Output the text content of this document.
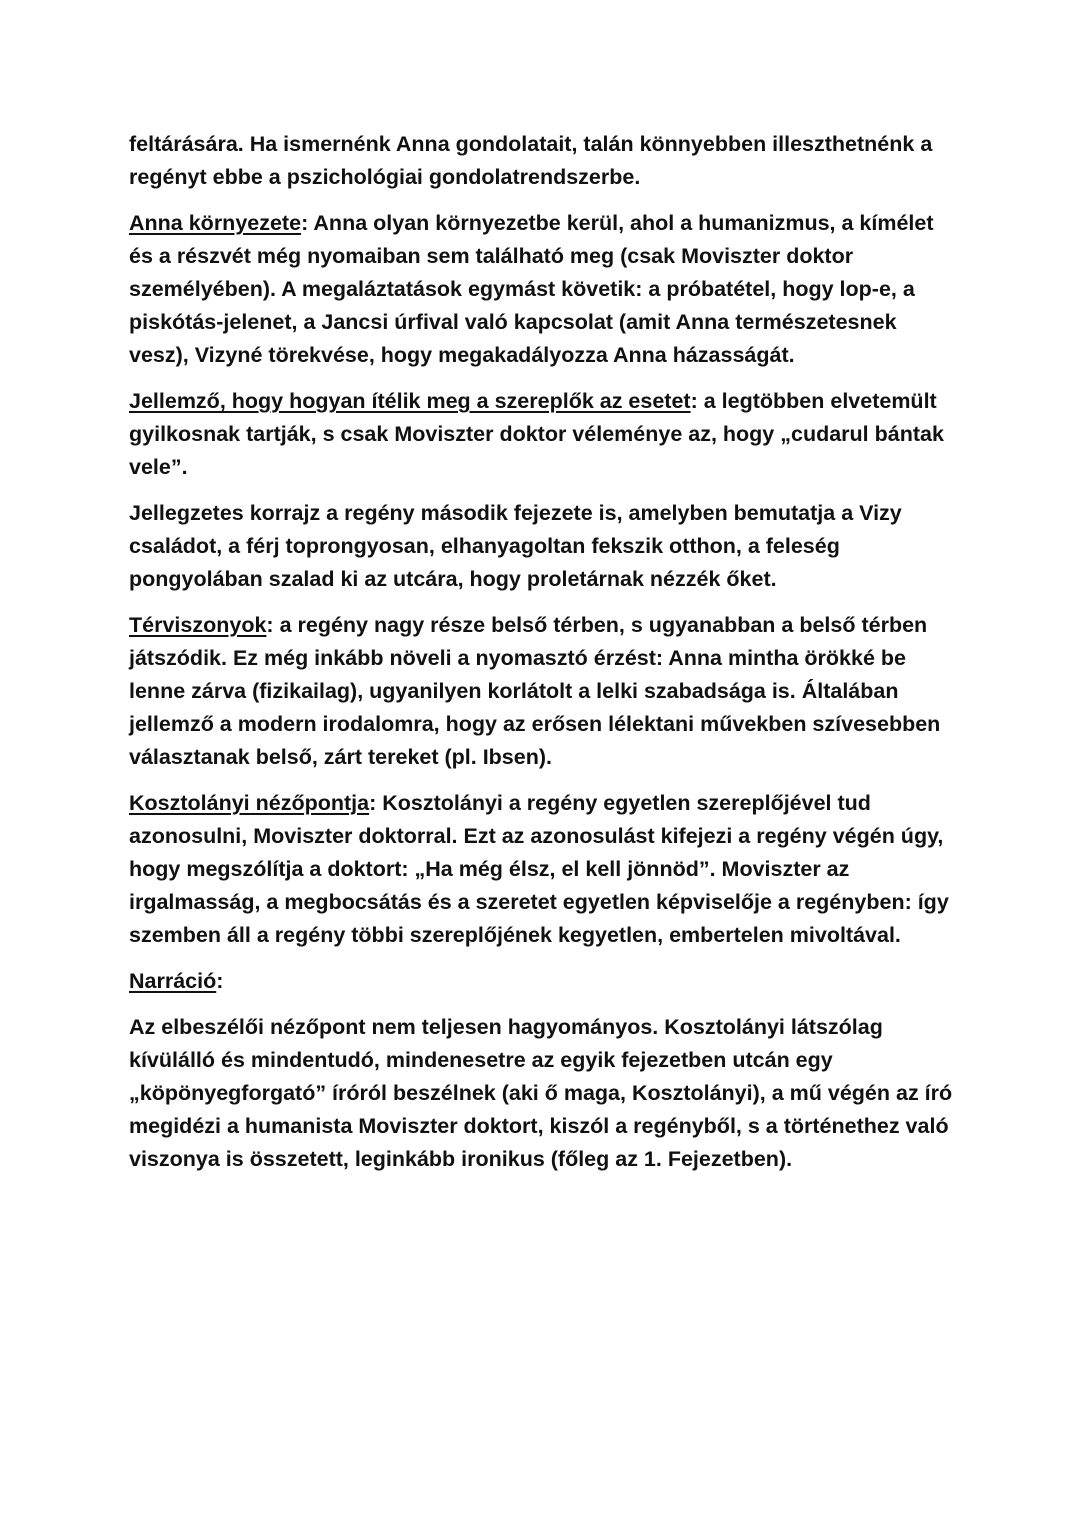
feltárására. Ha ismernénk Anna gondolatait, talán könnyebben illeszthetnénk a regényt ebbe a pszichológiai gondolatrendszerbe.

Anna környezete: Anna olyan környezetbe kerül, ahol a humanizmus, a kímélet és a részvét még nyomaiban sem található meg (csak Moviszter doktor személyében). A megaláztatások egymást követik: a próbatétel, hogy lop-e, a piskótás-jelenet, a Jancsi úrfival való kapcsolat (amit Anna természetesnek vesz), Vizyné törekvése, hogy megakadályozza Anna házasságát.

Jellemző, hogy hogyan ítélik meg a szereplők az esetet: a legtöbben elvetemült gyilkosnak tartják, s csak Moviszter doktor véleménye az, hogy „cudarul bántak vele”.

Jellegzetes korrajz a regény második fejezete is, amelyben bemutatja a Vizy családot, a férj toprongyosan, elhanyagoltan fekszik otthon, a feleség pongyolában szalad ki az utcára, hogy proletárnak nézzék őket.

Térviszonyok: a regény nagy része belső térben, s ugyanabban a belső térben játszódik. Ez még inkább növeli a nyomasztó érzést: Anna mintha örökké be lenne zárva (fizikailag), ugyanilyen korlátolt a lelki szabadsága is. Általában jellemző a modern irodalomra, hogy az erősen lélektani művekben szívesebben választanak belső, zárt tereket (pl. Ibsen).

Kosztolányi nézőpontja: Kosztolányi a regény egyetlen szereplőjével tud azonosulni, Moviszter doktorral. Ezt az azonosulást kifejezi a regény végén úgy, hogy megszólítja a doktort: „Ha még élsz, el kell jönnöd”. Moviszter az irgalmasság, a megbocsátás és a szeretet egyetlen képviselője a regényben: így szemben áll a regény többi szereplőjének kegyetlen, embertelen mivoltával.

Narráció:

Az elbeszélői nézőpont nem teljesen hagyományos. Kosztolányi látszólag kívülálló és mindentudó, mindenesetre az egyik fejezetben utcán egy „köpönyegforgató” íróról beszélnek (aki ő maga, Kosztolányi), a mű végén az író megidézi a humanista Moviszter doktort, kiszól a regényből, s a történethez való viszonya is összetett, leginkább ironikus (főleg az 1. Fejezetben).
